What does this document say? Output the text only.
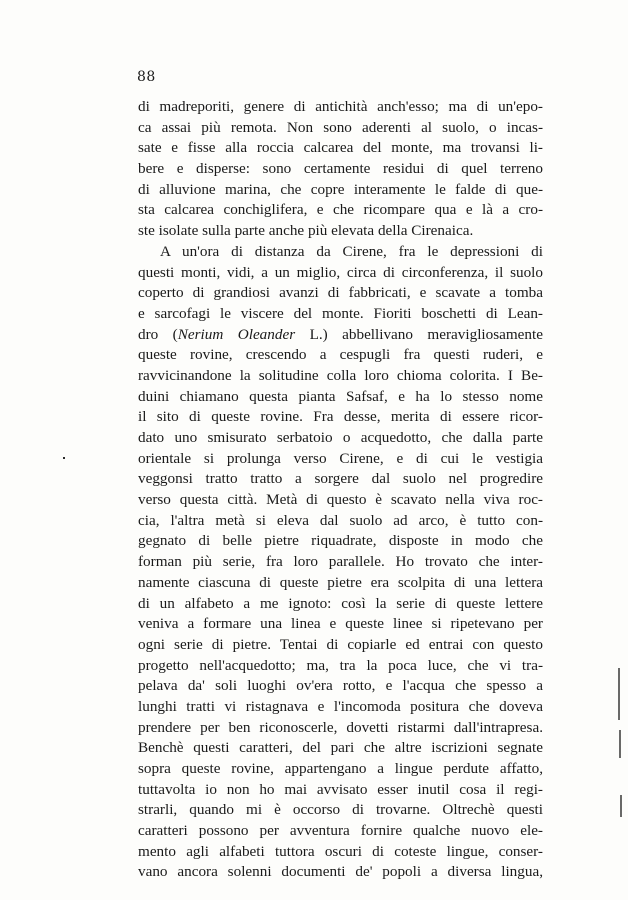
88
di madreporiti, genere di antichità anch'esso; ma di un'epo-
ca assai più remota. Non sono aderenti al suolo, o incas-
sate e fisse alla roccia calcarea del monte, ma trovansi li-
bere e disperse: sono certamente residui di quel terreno
di alluvione marina, che copre interamente le falde di que-
sta calcarea conchiglifera, e che ricompare qua e là a cro-
ste isolate sulla parte anche più elevata della Cirenaica.
A un'ora di distanza da Cirene, fra le depressioni di
questi monti, vidi, a un miglio, circa di circonferenza, il suolo
coperto di grandiosi avanzi di fabbricati, e scavate a tomba
e sarcofagi le viscere del monte. Fioriti boschetti di Lean-
dro (Nerium Oleander L.) abbellivano meravigliosamente
queste rovine, crescendo a cespugli fra questi ruderi, e
ravvicinandone la solitudine colla loro chioma colorita. I Be-
duini chiamano questa pianta Safsaf, e ha lo stesso nome
il sito di queste rovine. Fra desse, merita di essere ricor-
dato uno smisurato serbatoio o acquedotto, che dalla parte
orientale si prolunga verso Cirene, e di cui le vestigia
veggonsi tratto tratto a sorgere dal suolo nel progredire
verso questa città. Metà di questo è scavato nella viva roc-
cia, l'altra metà si eleva dal suolo ad arco, è tutto con-
gegnato di belle pietre riquadrate, disposte in modo che
forman più serie, fra loro parallele. Ho trovato che inter-
namente ciascuna di queste pietre era scolpita di una lettera
di un alfabeto a me ignoto: così la serie di queste lettere
veniva a formare una linea e queste linee si ripetevano per
ogni serie di pietre. Tentai di copiarle ed entrai con questo
progetto nell'acquedotto; ma, tra la poca luce, che vi tra-
pelava da' soli luoghi ov'era rotto, e l'acqua che spesso a
lunghi tratti vi ristagnava e l'incomoda positura che doveva
prendere per ben riconoscerle, dovetti ristarmi dall'intrapresa.
Benchè questi caratteri, del pari che altre iscrizioni segnate
sopra queste rovine, appartengano a lingue perdute affatto,
tuttavolta io non ho mai avvisato esser inutil cosa il regi-
strarli, quando mi è occorso di trovarne. Oltrechè questi
caratteri possono per avventura fornire qualche nuovo ele-
mento agli alfabeti tuttora oscuri di coteste lingue, conser-
vano ancora solenni documenti de' popoli a diversa lingua,
